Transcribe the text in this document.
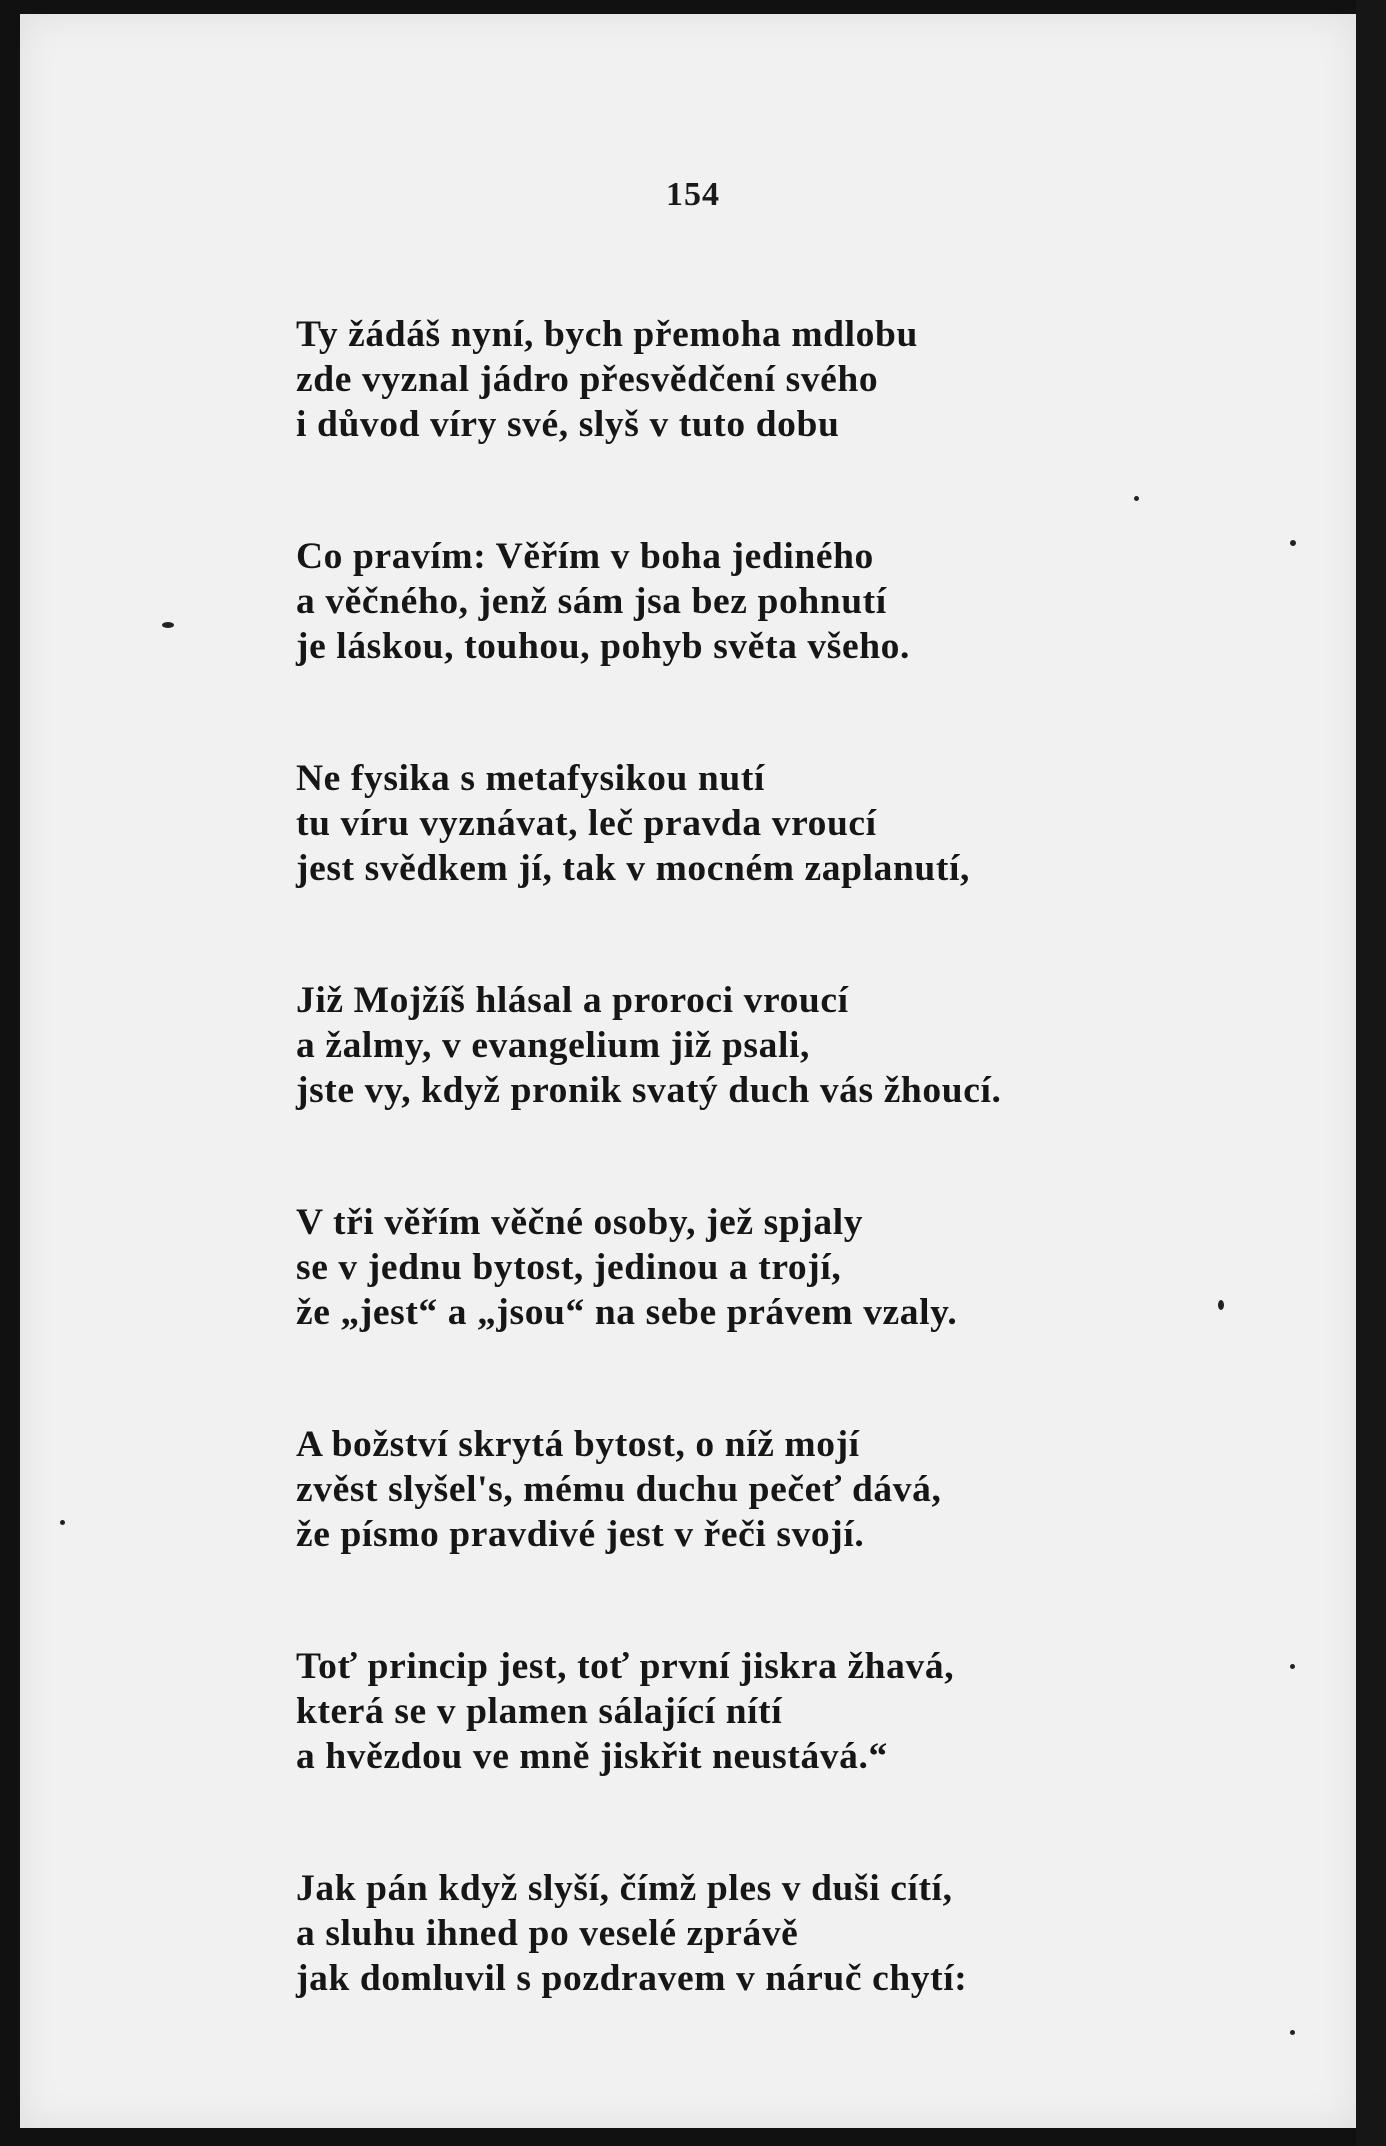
154
Ty žádáš nyní, bych přemoha mdlobu
zde vyznal jádro přesvědčení svého
i důvod víry své, slyš v tuto dobu
Co pravím: Věřím v boha jediného
a věčného, jenž sám jsa bez pohnutí
je láskou, touhou, pohyb světa všeho.
Ne fysika s metafysikou nutí
tu víru vyznávat, leč pravda vroucí
jest svědkem jí, tak v mocném zaplanutí,
Již Mojžíš hlásal a proroci vroucí
a žalmy, v evangelium již psali,
jste vy, když pronik svatý duch vás žhoucí.
V tři věřím věčné osoby, jež spjaly
se v jednu bytost, jedinou a trojí,
že „jest“ a „jsou“ na sebe právem vzaly.
A božství skrytá bytost, o níž mojí
zvěst slyšel's, mému duchu pečeť dává,
že písmo pravdivé jest v řeči svojí.
Toť princip jest, toť první jiskra žhavá,
která se v plamen sálající nítí
a hvězdou ve mně jiskřit neustává.“
Jak pán když slyší, čímž ples v duši cítí,
a sluhu ihned po veselé zprávě
jak domluvil s pozdravem v náruč chytí:
